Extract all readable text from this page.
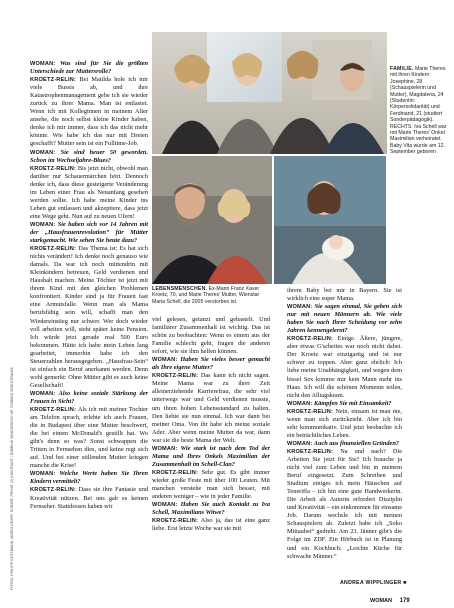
WOMAN: Was sind für Sie die größten Unterschiede zur Muttersrolle?

KROETZ-RELIN: Bei Matilda hole ich mir viele Bussis ab, und ihre Katastrophenmanagement gebe ich sie wieder zurück zu ihrer Mama. Man ist entlastet. Wenn ich mit Kolleginnen in meinem Alter ansehe, die noch selbst kleine Kinder haben, denke ich mir immer, dass ich das nicht mehr könnte. Wie habe ich das nur mit Dreien geschafft? Mutter sein ist ein Fulltime-Job.

WOMAN: Sie sind heuer 50 geworden. Schon im Wechseljahre-Blues?

KROETZ-RELIN: Bis jetzt nicht, obwohl man darüber nur Schauermärchen hört. Dennoch denke ich, dass diese gesteigerte Veränderung im Leben einer Frau als Neuanfang gesehen werden sollte. Ich habe meine Kinder ins Leben gut entlassen und akzeptiere, dass jetzt eine Wege geht. Nun auf zu neuen Ufern!

WOMAN: Sie haben sich vor 14 Jahren mit der „Hausfrauenrevolution“ für Mütter starkgemacht. Wie sehen Sie heute dazu?

KROETZ-RELIN: Das Thema ist: Es hat sich nichts verändert! Ich denke noch genauso wie damals. Da war ich noch mittendrin mit Kleinkindern betreuen, Geld verdienen und Haushalt machen. Meine Töchter ist jetzt mit ihrem Kind mit den gleichen Problemen konfrontiert. Kinder sind ja für Frauen fast eine Armutsfalle. Wenn man als Mama berufsfähig sein will, schafft man den Wiedereinstieg nur schwer. Wer doch wieder voll arbeiten will, steht später keine Pension. Ich würde jetzt gerade mal 500 Euro bekommen. Hätte ich habe mein Leben lang gearbeitet, immerhin habe ich den Steuerzahlen herausgegeben. „Hausfrau-Sein“ ist einfach ein Beruf anerkannt werden. Denn wohl gemerkt: Ohne Mütter gibt es auch keine Gesellschaft!

WOMAN: Also keine soziale Stärkung der Frauen in Sicht?

KROETZ-RELIN: Als ich mit meiner Tochter am Telefon sprach, erlebte ich auch Frauen, die in Budapest über eine Mutter beschwert, die bei einem McDonald's gestillt hat. Wo gibt's denn so was? Sonst schwappen die Tritten in Fernsehen dies, und keine regt sich auf. Und bei einer stillenden Mutter kriegen manche die Krise!

WOMAN: Welche Werte haben Sie Ihren Kindern vermittelt?

KROETZ-RELIN: Dass sie ihre Fantasie und Kreativität nützen. Bei uns gab es keinen Fernseher. Stattdessen haben wir

FAMILIE. Marie Theres mit ihren Kindern Josephine, 28 (Schauspielerin und Mutter), Magdalena, 24 (Studentin: Körpersolidarität) und Ferdinand, 21 (studiert Sonderpädagogik). RECHTS: Iva Schell war mit Marie Theres' Onkel Maximilian verheiratet. Baby Vita wurde am 12. September geboren
LEBENSMENSCHEN. Ex-Mann Franz Xaver Kroetz, 70, und Marie Theres' Mutter, Wienstar Maria Schell, die 2005 verstorben ist.

viel gelesen, getanzt und gebastelt. Und familiärer Zusammenhalt ist wichtig. Das ist schön zu beobachten: Wenn es einem aus der Familie schlecht geht, fragen die anderen sofort, wie sie ihm helfen können.

WOMAN: Haben Sie vieles besser gemacht als Ihre eigene Mutter?

KROETZ-RELIN: Das kann ich nicht sagen. Meine Mama war zu ihrer Zeit alleinerziehende Karrierefrau, die sehr viel unterwegs war und Geld verdienen musste, um ihren hohen Lebensstandard zu halten. Den liebte sie nun einmal. Ich war dann bei meiner Oma. Von ihr habe ich meine soziale Ader. Aber wenn meine Mutter da war, dann war sie die beste Mama der Welt.

WOMAN: Wie stark ist nach dem Tod der Mama und Ihres Onkels Maximilian der Zusammenhalt im Schell-Clan?

KROETZ-RELIN: Sehr gut. Es gibt immer wieder große Feste mit über 100 Leuten. Mit manchen verstehe man sich besser, mit anderen weniger – wie in jeder Familie.

WOMAN: Haben Sie auch Kontakt zu Iva Schell, Maximilians Witwe?

KROETZ-RELIN: Also ja, das ist eine ganz liebe. Erst letzte Woche war sie mit

ihrem Baby bei mir in Bayern. Sie ist wirklich eine super Mama.

WOMAN: Sie sagen einmal, Sie geben sich nur mit neuen Männern ab. Wie viele haben Sie nach Ihrer Scheidung vor zehn Jahren kennengelernt?

KROETZ-RELIN: Einige. Ältere, jüngere, aber etwas G'scheites war noch nicht dabei. Der Kroetz war einzigartig und ist nur schwer zu toppen. Aber ganz ehrlich: Ich liebe meine Unabhängigkeit, und wegen dem bissel Sex komme mir kein Mann mehr ins Haus. Ich will die schönen Momente teilen, nicht den Alltagskram.

WOMAN: Kämpfen Sie mit Einsamkeit?

KROETZ-RELIN: Nein, einsam ist man nie, wenn man sich zurückzieht. Aber ich bin sehr kommunikativ. Und jetzt beobachte ich ein beträchtliches Leben.

WOMAN: Auch aus finanziellen Gründen?

KROETZ-RELIN: Na und nach? Die Arbeiten Sie jetzt für Sie? Ich brauche ja nicht viel zum Leben und bin in meinem Beruf eingesetzt. Zum Schreiben und Studium einiges ich mein Häuschen auf Teneriffa – ich bin eine gute Handwerkerin. Die Arbeit als Autorin erfordert Disziplin und Kreativität – ein einkommen für einsame Job. Darum wechsle ich mit meinen Schauspielern ab. Zuletzt habe ich „Soko Mittaubet“ gedreht. Am 23. Jänner gibt's die Folge im ZDF. Ein Hörbuch ist in Planung und ein Kochbuch: „Leichte Küche für schwache Männer.“

ANDREA WIPPLINGER ■
FOTOS: PHILIPP GUTTMANN, MARIO GRAFF, KURIER, PRIVAT (2) KONTRAST / DOMINIK WANGERIGG/ AP, THOMAS WUESTRALEK
WOMAN 179
